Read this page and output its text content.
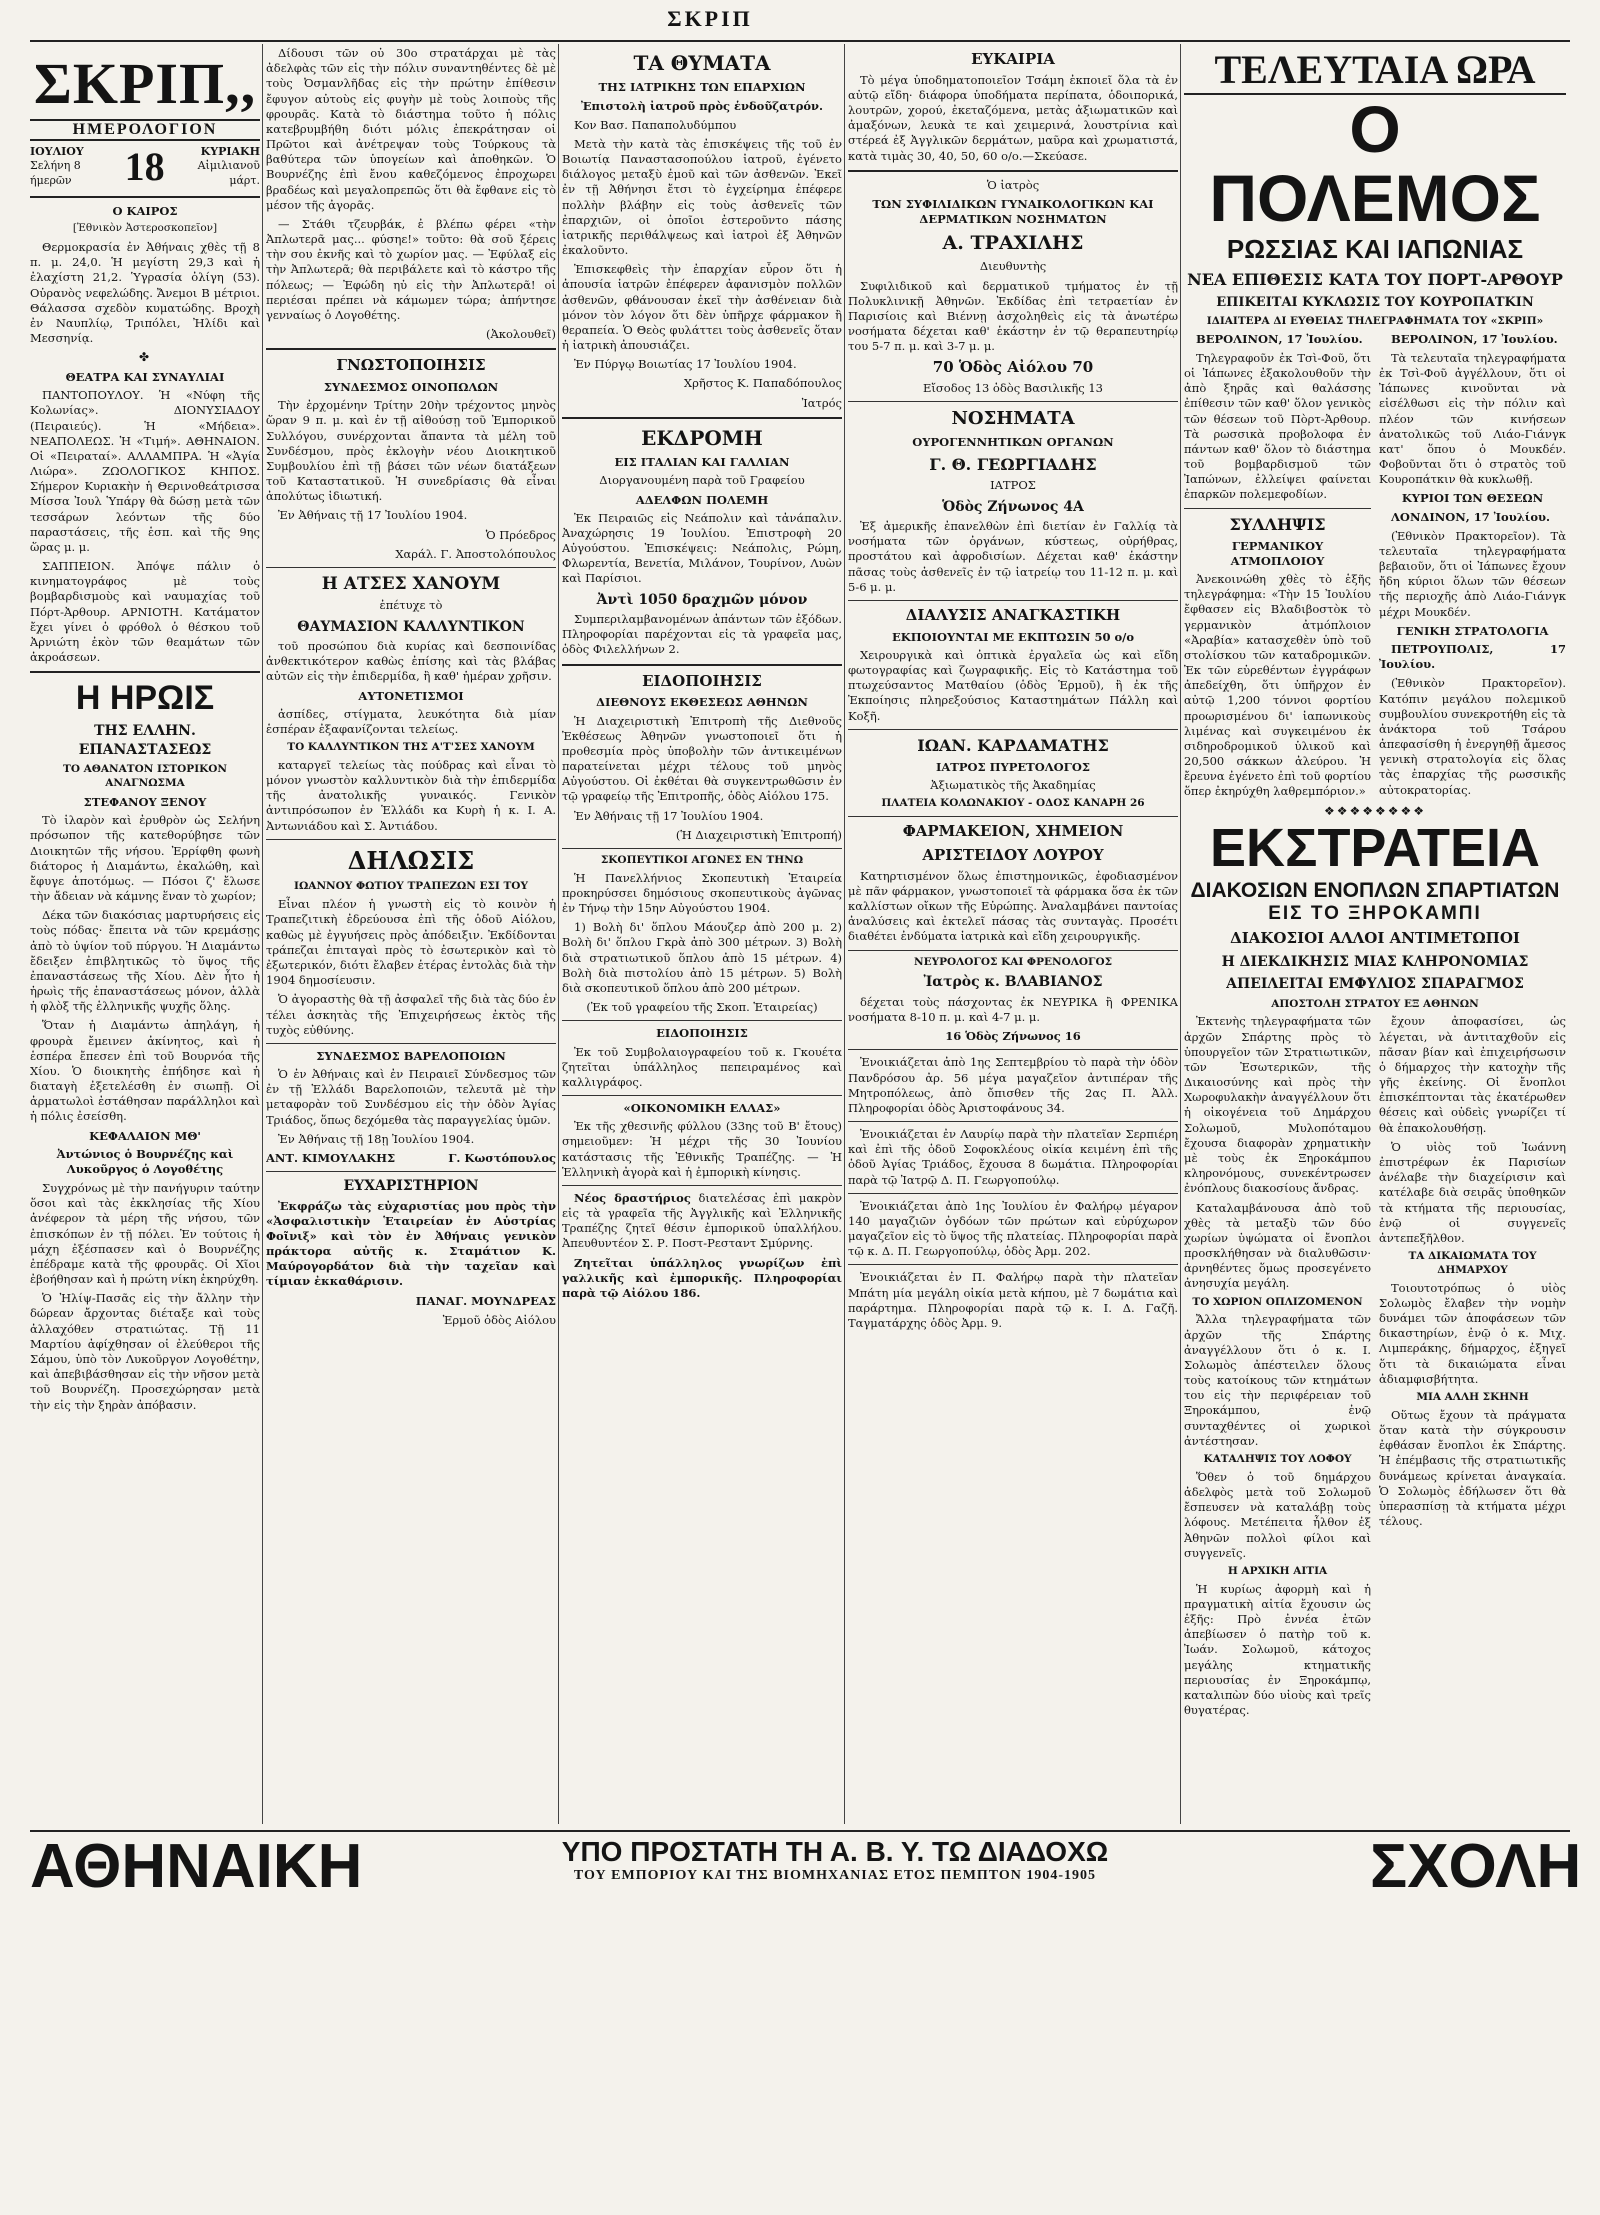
ΣΚΡΙΠ
ΣΚΡΙΠ,,
ΗΜΕΡΟΛΟΓΙΟΝ
ΙΟΥΛΙΟΥ
Σελήνη 8 ήμερῶν	18	ΚΥΡΙΑΚΗ
Αἰμιλιανοῦ μάρτ.
Ο ΚΑΙΡΟΣ

[Ἐθνικὸν Ἀστεροσκοπεῖον]

Θερμοκρασία ἐν Ἀθήναις χθὲς τῇ 8 π. μ. 24,0. Ἡ μεγίστη 29,3 καὶ ἡ ἐλαχίστη 21,2. Ὑγρασία ὀλίγη (53). Οὐρανὸς νεφελώδης. Ἄνεμοι Β μέτριοι. Θάλασσα σχεδὸν κυματώδης. Βροχὴ ἐν Ναυπλίῳ, Τριπόλει, Ἠλίδι καὶ Μεσσηνίᾳ.

✤
ΘΕΑΤΡΑ ΚΑΙ ΣΥΝΑΥΛΙΑΙ

ΠΑΝΤΟΠΟΥΛΟΥ. Ἡ «Νύφη τῆς Κολωνίας». ΔΙΟΝΥΣΙΑΔΟΥ (Πειραιεύς). Ἡ «Μήδεια». ΝΕΑΠΟΛΕΩΣ. Ἡ «Τιμή». ΑΘΗΝΑΙΟΝ. Οἱ «Πειραταί». ΑΛΛΑΜΠΡΑ. Ἡ «Ἁγία Λιώρα». ΖΩΟΛΟΓΙΚΟΣ ΚΗΠΟΣ. Σήμερον Κυριακὴν ἡ Θερινοθεάτρισσα Μίσσα Ἰουλ Ὑπάργ θὰ δώσῃ μετὰ τῶν τεσσάρων λεόντων τῆς δύο παραστάσεις, τῆς ἑσπ. καὶ τῆς 9ης ὥρας μ. μ.

ΣΑΠΠΕΙΟΝ. Ἀπόψε πάλιν ὁ κινηματογράφος μὲ τοὺς βομβαρδισμοὺς καὶ ναυμαχίας τοῦ Πόρτ-Ἀρθουρ. ΑΡΝΙΟΤΗ. Κατάματον ἔχει γίνει ὁ φρόθολ ὁ θέσκου τοῦ Ἀρνιώτη ἐκὸν τῶν θεαμάτων τῶν ἀκροάσεων.

Η ΗΡΩΙΣ
ΤΗΣ ΕΛΛΗΝ. ΕΠΑΝΑΣΤΑΣΕΩΣ
ΤΟ ΑΘΑΝΑΤΟΝ ΙΣΤΟΡΙΚΟΝ ΑΝΑΓΝΩΣΜΑ
ΣΤΕΦΑΝΟΥ ΞΕΝΟΥ

Τὸ ἱλαρὸν καὶ ἐρυθρὸν ὡς Σελήνη πρόσωπον τῆς κατεθορύβησε τῶν Διοικητῶν τῆς νήσου. Ἐρρίφθη φωνὴ διάτορος ἡ Διαμάντω, ἐκαλώθη, καὶ ἔφυγε ἀποτόμως. — Πόσοι ζ' ἔλωσε τὴν ἄδειαν νὰ κάμνης ἕναν τὸ χωρίον;

Δέκα τῶν διακόσιας μαρτυρήσεις εἰς τοὺς πόδας· ἔπειτα νὰ τῶν κρεμάσῃς ἀπὸ τὸ ὑψίον τοῦ πύργου. Ἡ Διαμάντω ἔδειξεν ἐπιβλητικῶς τὸ ὕψος τῆς ἐπαναστάσεως τῆς Χίου. Δὲν ἦτο ἡ ἡρωὶς τῆς ἐπαναστάσεως μόνον, ἀλλὰ ἡ φλὸξ τῆς ἑλληνικῆς ψυχῆς ὅλης.

Ὅταν ἡ Διαμάντω ἀπηλάγη, ἡ φρουρὰ ἔμεινεν ἀκίνητος, καὶ ἡ ἑσπέρα ἔπεσεν ἐπὶ τοῦ Βουρνόα τῆς Χίου. Ὁ διοικητὴς ἐπήδησε καὶ ἡ διαταγὴ ἐξετελέσθη ἐν σιωπῇ. Οἱ ἀρματωλοὶ ἐστάθησαν παράλληλοι καὶ ἡ πόλις ἐσείσθη.

ΚΕΦΑΛΑΙΟΝ ΜΘ'

Ἀντώνιος ὁ Βουρνέζης καὶ Λυκοῦργος ὁ Λογοθέτης

Συγχρόνως μὲ τὴν πανήγυριν ταύτην ὅσοι καὶ τὰς ἐκκλησίας τῆς Χίου ἀνέφερον τὰ μέρη τῆς νήσου, τῶν ἐπισκόπων ἐν τῇ πόλει. Ἐν τούτοις ἡ μάχη ἐξέσπασεν καὶ ὁ Βουρνέζης ἐπέδραμε κατὰ τῆς φρουρᾶς. Οἱ Χῖοι ἐβοήθησαν καὶ ἡ πρώτη νίκη ἐκηρύχθη.

Ὁ Ἠλίψ-Πασᾶς εἰς τὴν ἄλλην τὴν δώρεαν ἄρχοντας διέταξε καὶ τοὺς ἀλλαχόθεν στρατιώτας. Τῇ 11 Μαρτίου ἀφίχθησαν οἱ ἐλεύθεροι τῆς Σάμου, ὑπὸ τὸν Λυκοῦργον Λογοθέτην, καὶ ἀπεβιβάσθησαν εἰς τὴν νῆσον μετὰ τοῦ Βουρνέζη. Προσεχώρησαν μετὰ τὴν εἰς τὴν ξηρὰν ἀπόβασιν.

Δίδουσι τῶν οὐ 30ο στρατάρχαι μὲ τὰς ἀδελφὰς τῶν εἰς τὴν πόλιν συναντηθέντες δὲ μὲ τοὺς Ὀσμανλῆδας εἰς τὴν πρώτην ἐπίθεσιν ἔφυγον αὐτοὺς εἰς φυγὴν μὲ τοὺς λοιποὺς τῆς φρουρᾶς. Κατὰ τὸ διάστημα τοῦτο ἡ πόλις κατεβρυμβήθη διότι μόλις ἐπεκράτησαν οἱ Πρῶτοι καὶ ἀνέτρεψαν τοὺς Τούρκους τὰ βαθύτερα τῶν ὑπογείων καὶ ἀποθηκῶν. Ὁ Βουρνέζης ἐπὶ ἔνου καθεζόμενος ἐπροχωρει βραδέως καὶ μεγαλοπρεπῶς ὅτι θὰ ἔφθανε εἰς τὸ μέσον τῆς ἀγορᾶς.

— Στάθι τζευρβάκ, ἐ βλέπω φέρει «τὴν Ἀπλωτερᾶ μας... φύσηε!» τοῦτο: θὰ σοῦ ξέρεις τὴν σου ἐκνῆς καὶ τὸ χωρίον μας. — Ἐφύλαξ εἰς τὴν Ἀπλωτερᾶ; θὰ περιβάλετε καὶ τὸ κάστρο τῆς πόλεως; — Ἐφώδη ηὐ εἰς τὴν Ἀπλωτερᾶ! οἱ περιέσαι πρέπει νὰ κάμωμεν τώρα; ἀπήντησε γενναίως ὁ Λογοθέτης.

(Ἀκολουθεῖ)

ΓΝΩΣΤΟΠΟΙΗΣΙΣ
ΣΥΝΔΕΣΜΟΣ ΟΙΝΟΠΩΛΩΝ

Τὴν ἐρχομένην Τρίτην 20ὴν τρέχοντος μηνὸς ὥραν 9 π. μ. καὶ ἐν τῇ αἰθούσῃ τοῦ Ἐμπορικοῦ Συλλόγου, συνέρχονται ἅπαντα τὰ μέλη τοῦ Συνδέσμου, πρὸς ἐκλογὴν νέου Διοικητικοῦ Συμβουλίου ἐπὶ τῇ βάσει τῶν νέων διατάξεων τοῦ Καταστατικοῦ. Ἡ συνεδρίασις θὰ εἶναι ἀπολύτως ἰδιωτική.

Ἐν Ἀθήναις τῇ 17 Ἰουλίου 1904.

Ὁ Πρόεδρος

Χαράλ. Γ. Ἀποστολόπουλος

Η ΑΤΣΕΣ ΧΑΝΟΥΜ

ἐπέτυχε τὸ

ΘΑΥΜΑΣΙΟΝ ΚΑΛΛΥΝΤΙΚΟΝ

τοῦ προσώπου διὰ κυρίας καὶ δεσποινίδας ἀνθεκτικότερον καθὼς ἐπίσης καὶ τὰς βλάβας αὐτῶν εἰς τὴν ἐπιδερμίδα, ἢ καθ' ἡμέραν χρῆσιν.

ΑΥΤΟΝΕΤΙΣΜΟΙ

ἀσπίδες, στίγματα, λευκότητα διὰ μίαν ἑσπέραν ἐξαφανίζονται τελείως.

ΤΟ ΚΑΛΛΥΝΤΙΚΟΝ ΤΗΣ Α'Τ'ΣΕΣ ΧΑΝΟΥΜ

καταργεῖ τελείως τὰς πούδρας καὶ εἶναι τὸ μόνον γνωστὸν καλλυντικὸν διὰ τὴν ἐπιδερμίδα τῆς ἀνατολικῆς γυναικός. Γενικὸν ἀντιπρόσωπον ἐν Ἑλλάδι κα Κυρὴ ἡ κ. Ι. Α. Ἀντωνιάδου καὶ Σ. Ἀντιάδου.

ΔΗΛΩΣΙΣ
ΙΩΑΝΝΟΥ ΦΩΤΙΟΥ ΤΡΑΠΕΖΩΝ ΕΣΙ ΤΟΥ

Εἶναι πλέον ἡ γνωστὴ εἰς τὸ κοινὸν ἡ Τραπεζιτικὴ ἐδρεύουσα ἐπὶ τῆς ὁδοῦ Αἰόλου, καθὼς μὲ ἐγγυήσεις πρὸς ἀπόδειξιν. Ἐκδίδονται τράπεζαι ἐπιταγαὶ πρὸς τὸ ἐσωτερικὸν καὶ τὸ ἐξωτερικόν, διότι ἔλαβεν ἑτέρας ἐντολὰς διὰ τὴν 1904 δημοσίευσιν.

Ὁ ἀγοραστὴς θὰ τῇ ἀσφαλεῖ τῆς διὰ τὰς δύο ἐν τέλει ἀσκητὰς τῆς Ἐπιχειρήσεως ἐκτὸς τῆς τυχὸς εὐθύνης.

ΣΥΝΔΕΣΜΟΣ ΒΑΡΕΛΟΠΟΙΩΝ

Ὁ ἐν Ἀθήναις καὶ ἐν Πειραιεῖ Σύνδεσμος τῶν ἐν τῇ Ἑλλάδι Βαρελοποιῶν, τελευτᾶ μὲ τὴν μεταφορὰν τοῦ Συνδέσμου εἰς τὴν ὁδὸν Ἁγίας Τριάδος, ὅπως δεχόμεθα τὰς παραγγελίας ὑμῶν.

Ἐν Ἀθήναις τῇ 18ῃ Ἰουλίου 1904.

ΑΝΤ. ΚΙΜΟΥΛΑΚΗΣ	Γ. Κωστόπουλος
ΕΥΧΑΡΙΣΤΗΡΙΟΝ

Ἐκφράζω τὰς εὐχαριστίας μου πρὸς τὴν «Ἀσφαλιστικὴν Ἑταιρείαν ἐν Αὐστρίας Φοῖνιξ» καὶ τὸν ἐν Ἀθήναις γενικὸν πράκτορα αὐτῆς κ. Σταμάτιον Κ. Μαύρογορδάτον διὰ τὴν ταχεῖαν καὶ τίμιαν ἐκκαθάρισιν.

ΠΑΝΑΓ. ΜΟΥΝΔΡΕΑΣ

Ἑρμοῦ ὁδὸς Αἰόλου

ΤΑ ΘΥΜΑΤΑ
ΤΗΣ ΙΑΤΡΙΚΗΣ ΤΩΝ ΕΠΑΡΧΙΩΝ

Ἐπιστολὴ ἰατροῦ πρὸς ἑνδοῦζατρόν.

Κον Βασ. Παπαπολυδύμπου

Μετὰ τὴν κατὰ τὰς ἐπισκέψεις τῆς τοῦ ἐν Βοιωτίᾳ Παναστασοπούλου ἰατροῦ, ἐγένετο διάλογος μεταξὺ ἐμοῦ καὶ τῶν ἀσθενῶν. Ἐκεῖ ἐν τῇ Ἀθήνησι ἔτσι τὸ ἐγχείρημα ἐπέφερε πολλὴν βλάβην εἰς τοὺς ἀσθενεῖς τῶν ἐπαρχιῶν, οἱ ὁποῖοι ἐστεροῦντο πάσης ἰατρικῆς περιθάλψεως καὶ ἰατροὶ ἐξ Ἀθηνῶν ἐκαλοῦντο.

Ἐπισκεφθεὶς τὴν ἐπαρχίαν εὗρον ὅτι ἡ ἀπουσία ἰατρῶν ἐπέφερεν ἀφανισμὸν πολλῶν ἀσθενῶν, φθάνουσαν ἐκεῖ τὴν ἀσθένειαν διὰ μόνον τὸν λόγον ὅτι δὲν ὑπῆρχε φάρμακον ἢ θεραπεία. Ὁ Θεὸς φυλάττει τοὺς ἀσθενεῖς ὅταν ἡ ἰατρικὴ ἀπουσιάζει.

Ἐν Πύργῳ Βοιωτίας 17 Ἰουλίου 1904.

Χρῆστος Κ. Παπαδόπουλος

Ἰατρός

ΕΚΔΡΟΜΗ
ΕΙΣ ΙΤΑΛΙΑΝ ΚΑΙ ΓΑΛΛΙΑΝ

Διοργανουμένη παρὰ τοῦ Γραφείου

ΑΔΕΛΦΩΝ ΠΟΛΕΜΗ

Ἐκ Πειραιῶς εἰς Νεάπολιν καὶ τἀνάπαλιν. Ἀναχώρησις 19 Ἰουλίου. Ἐπιστροφὴ 20 Αὐγούστου. Ἐπισκέψεις: Νεάπολις, Ρώμη, Φλωρεντία, Βενετία, Μιλάνον, Τουρίνον, Λυὼν καὶ Παρίσιοι.

Ἀντὶ 1050 δραχμῶν μόνον

Συμπεριλαμβανομένων ἀπάντων τῶν ἐξόδων. Πληροφορίαι παρέχονται εἰς τὰ γραφεῖα μας, ὁδὸς Φιλελλήνων 2.

ΕΙΔΟΠΟΙΗΣΙΣ
ΔΙΕΘΝΟΥΣ ΕΚΘΕΣΕΩΣ ΑΘΗΝΩΝ

Ἡ Διαχειριστικὴ Ἐπιτροπὴ τῆς Διεθνοῦς Ἐκθέσεως Ἀθηνῶν γνωστοποιεῖ ὅτι ἡ προθεσμία πρὸς ὑποβολὴν τῶν ἀντικειμένων παρατείνεται μέχρι τέλους τοῦ μηνὸς Αὐγούστου. Οἱ ἐκθέται θὰ συγκεντρωθῶσιν ἐν τῷ γραφείῳ τῆς Ἐπιτροπῆς, ὁδὸς Αἰόλου 175.

Ἐν Ἀθήναις τῇ 17 Ἰουλίου 1904.

(Ἡ Διαχειριστικὴ Ἐπιτροπή)

ΣΚΟΠΕΥΤΙΚΟΙ ΑΓΩΝΕΣ ΕΝ ΤΗΝΩ

Ἡ Πανελλήνιος Σκοπευτικὴ Ἑταιρεία προκηρύσσει δημόσιους σκοπευτικοὺς ἀγῶνας ἐν Τήνῳ τὴν 15ην Αὐγούστου 1904.

1) Βολὴ δι' ὅπλου Μάουζερ ἀπὸ 200 μ. 2) Βολὴ δι' ὅπλου Γκρὰ ἀπὸ 300 μέτρων. 3) Βολὴ διὰ στρατιωτικοῦ ὅπλου ἀπὸ 15 μέτρων. 4) Βολὴ διὰ πιστολίου ἀπὸ 15 μέτρων. 5) Βολὴ διὰ σκοπευτικοῦ ὅπλου ἀπὸ 200 μέτρων.

(Ἐκ τοῦ γραφείου τῆς Σκοπ. Ἑταιρείας)

ΕΙΔΟΠΟΙΗΣΙΣ

Ἐκ τοῦ Συμβολαιογραφείου τοῦ κ. Γκουέτα ζητεῖται ὑπάλληλος πεπειραμένος καὶ καλλιγράφος.

«ΟΙΚΟΝΟΜΙΚΗ ΕΛΛΑΣ»

Ἐκ τῆς χθεσινῆς φύλλου (33ης τοῦ Β' ἔτους) σημειοῦμεν: Ἡ μέχρι τῆς 30 Ἰουνίου κατάστασις τῆς Ἐθνικῆς Τραπέζης. — Ἡ Ἑλληνικὴ ἀγορὰ καὶ ἡ ἐμπορικὴ κίνησις.

Νέος δραστήριος διατελέσας ἐπὶ μακρὸν εἰς τὰ γραφεῖα τῆς Ἀγγλικῆς καὶ Ἑλληνικῆς Τραπέζης ζητεῖ θέσιν ἐμπορικοῦ ὑπαλλήλου. Ἀπευθυντέον Σ. Ρ. Ποστ-Ρεσταντ Σμύρνης.

Ζητεῖται ὑπάλληλος γνωρίζων ἐπὶ γαλλικῆς καὶ ἐμπορικῆς. Πληροφορίαι παρὰ τῷ Αἰόλου 186.

ΕΥΚΑΙΡΙΑ

Τὸ μέγα ὑποδηματοποιεῖον Τσάμη ἐκποιεῖ ὅλα τὰ ἐν αὐτῷ εἴδη· διάφορα ὑποδήματα περίπατα, ὁδοιπορικά, λουτρῶν, χορού, ἐκεταζόμενα, μετὰς ἀξιωματικῶν καὶ ἀμαξόνων, λευκὰ τε καὶ χειμερινά, λουστρίνια καὶ στέρεά ἐξ Ἀγγλικῶν δερμάτων, μαῦρα καὶ χρωματιστά, κατὰ τιμὰς 30, 40, 50, 60 ο/ο.—Σκεύασε.

Ὁ ἰατρὸς

ΤΩΝ ΣΥΦΙΛΙΔΙΚΩΝ ΓΥΝΑΙΚΟΛΟΓΙΚΩΝ ΚΑΙ ΔΕΡΜΑΤΙΚΩΝ ΝΟΣΗΜΑΤΩΝ
Α. ΤΡΑΧΙΛΗΣ

Διευθυντὴς

Συφιλιδικοῦ καὶ δερματικοῦ τμήματος ἐν τῇ Πολυκλινικῇ Ἀθηνῶν. Ἐκδίδας ἐπὶ τετραετίαν ἐν Παρισίοις καὶ Βιέννῃ ἀσχοληθεὶς εἰς τὰ ἀνωτέρω νοσήματα δέχεται καθ' ἑκάστην ἐν τῷ θεραπευτηρίῳ του 5-7 π. μ. καὶ 3-7 μ. μ.

70 Ὁδὸς Αἰόλου 70

Εἴσοδος 13 ὁδὸς Βασιλικῆς 13

ΝΟΣΗΜΑΤΑ
ΟΥΡΟΓΕΝΝΗΤΙΚΩΝ ΟΡΓΑΝΩΝ
Γ. Θ. ΓΕΩΡΓΙΑΔΗΣ

ΙΑΤΡΟΣ

Ὁδὸς Ζήνωνος 4Α

Ἐξ ἀμερικῆς ἐπανελθὼν ἐπὶ διετίαν ἐν Γαλλίᾳ τὰ νοσήματα τῶν ὀργάνων, κύστεως, οὐρήθρας, προστάτου καὶ ἀφροδισίων. Δέχεται καθ' ἑκάστην πᾶσας τοὺς ἀσθενεῖς ἐν τῷ ἰατρείῳ του 11-12 π. μ. καὶ 5-6 μ. μ.

ΔΙΑΛΥΣΙΣ ΑΝΑΓΚΑΣΤΙΚΗ
ΕΚΠΟΙΟΥΝΤΑΙ ΜΕ ΕΚΠΤΩΣΙΝ 50 ο/ο

Χειρουργικὰ καὶ ὀπτικὰ ἐργαλεῖα ὡς καὶ εἴδη φωτογραφίας καὶ ζωγραφικῆς. Εἰς τὸ Κατάστημα τοῦ πτωχεύσαντος Ματθαίου (ὁδὸς Ἑρμοῦ), ἢ ἐκ τῆς Ἐκποίησις πληρεξούσιος Καταστημάτων Πάλλη καὶ Κοξῆ.

ΙΩΑΝ. ΚΑΡΔΑΜΑΤΗΣ
ΙΑΤΡΟΣ ΠΥΡΕΤΟΛΟΓΟΣ

Ἀξιωματικὸς τῆς Ἀκαδημίας

ΠΛΑΤΕΙΑ ΚΟΛΩΝΑΚΙΟΥ - ΟΔΟΣ ΚΑΝΑΡΗ 26
ΦΑΡΜΑΚΕΙΟΝ, ΧΗΜΕΙΟΝ
ΑΡΙΣΤΕΙΔΟΥ ΛΟΥΡΟΥ

Κατηρτισμένον ὅλως ἐπιστημονικῶς, ἐφοδιασμένον μὲ πᾶν φάρμακον, γνωστοποιεῖ τὰ φάρμακα ὅσα ἐκ τῶν καλλίστων οἴκων τῆς Εὐρώπης. Ἀναλαμβάνει παντοίας ἀναλύσεις καὶ ἐκτελεῖ πάσας τὰς συνταγὰς. Προσέτι διαθέτει ἐνδύματα ἰατρικὰ καὶ εἴδη χειρουργικῆς.

ΝΕΥΡΟΛΟΓΟΣ ΚΑΙ ΦΡΕΝΟΛΟΓΟΣ
Ἰατρὸς κ. ΒΛΑΒΙΑΝΟΣ

δέχεται τοὺς πάσχοντας ἐκ ΝΕΥΡΙΚΑ ἢ ΦΡΕΝΙΚΑ νοσήματα 8-10 π. μ. καὶ 4-7 μ. μ.

16 Ὁδὸς Ζήνωνος 16

Ἐνοικιάζεται ἀπὸ 1ης Σεπτεμβρίου τὸ παρὰ τὴν ὁδὸν Πανδρόσου ἀρ. 56 μέγα μαγαζεῖον ἀντιπέραν τῆς Μητροπόλεως, ἀπὸ ὄπισθεν τῆς 2ας Π. Ἀλλ. Πληροφορίαι ὁδὸς Ἀριστοφάνους 34.

Ἐνοικιάζεται ἐν Λαυρίῳ παρὰ τὴν πλατεῖαν Σερπιέρη καὶ ἐπὶ τῆς ὁδοῦ Σοφοκλέους οἰκία κειμένη ἐπὶ τῆς ὁδοῦ Ἀγίας Τριάδος, ἔχουσα 8 δωμάτια. Πληροφορίαι παρὰ τῷ Ἰατρῷ Δ. Π. Γεωργοπούλῳ.

Ἐνοικιάζεται ἀπὸ 1ης Ἰουλίου ἐν Φαλήρῳ μέγαρον 140 μαγαζιῶν ὀγδόων τῶν πρώτων καὶ εὐρύχωρον μαγαζεῖον εἰς τὸ ὕψος τῆς πλατείας. Πληροφορίαι παρὰ τῷ κ. Δ. Π. Γεωργοπούλῳ, ὁδὸς Ἀρμ. 202.

Ἐνοικιάζεται ἐν Π. Φαλήρῳ παρὰ τὴν πλατεῖαν Μπάτη μία μεγάλη οἰκία μετὰ κήπου, μὲ 7 δωμάτια καὶ παράρτημα. Πληροφορίαι παρὰ τῷ κ. Ι. Δ. Γαζῆ. Ταγματάρχης ὁδὸς Ἀρμ. 9.

ΤΕΛΕΥΤΑΙΑ ΩΡΑ
Ο ΠΟΛΕΜΟΣ
ΡΩΣΣΙΑΣ ΚΑΙ ΙΑΠΩΝΙΑΣ
ΝΕΑ ΕΠΙΘΕΣΙΣ ΚΑΤΑ ΤΟΥ ΠΟΡΤ-ΑΡΘΟΥΡ
ΕΠΙΚΕΙΤΑΙ ΚΥΚΛΩΣΙΣ ΤΟΥ ΚΟΥΡΟΠΑΤΚΙΝ
ΙΔΙΑΙΤΕΡΑ ΔΙ ΕΥΘΕΙΑΣ ΤΗΛΕΓΡΑΦΗΜΑΤΑ ΤΟΥ «ΣΚΡΙΠ»

ΒΕΡΟΛΙΝΟΝ, 17 Ἰουλίου.

Τηλεγραφοῦν ἐκ Τσὶ-Φοῦ, ὅτι οἱ Ἰάπωνες ἐξακολουθοῦν τὴν ἀπὸ ξηρᾶς καὶ θαλάσσης ἐπίθεσιν τῶν καθ' ὅλον γενικὸς τῶν θέσεων τοῦ Πὸρτ-Ἀρθουρ. Τὰ ρωσσικὰ προβολοφα ἐν πάντων καθ' ὅλον τὸ διάστημα τοῦ βομβαρδισμοῦ τῶν Ἰαπώνων, ἐλλείψει φαίνεται ἐπαρκῶν πολεμεφοδίων.

ΣΥΛΛΗΨΙΣ
ΓΕΡΜΑΝΙΚΟΥ ΑΤΜΟΠΛΟΙΟΥ

Ἀνεκοινώθη χθὲς τὸ ἑξῆς τηλεγράφημα: «Τὴν 15 Ἰουλίου ἔφθασεν εἰς Βλαδιβοστὸκ τὸ γερμανικὸν ἀτμόπλοιον «Ἀραβία» κατασχεθὲν ὑπὸ τοῦ στολίσκου τῶν καταδρομικῶν. Ἐκ τῶν εὑρεθέντων ἐγγράφων ἀπεδείχθη, ὅτι ὑπῆρχον ἐν αὐτῷ 1,200 τόννοι φορτίου προωρισμένου δι' ἰαπωνικοὺς λιμένας καὶ συγκειμένου ἐκ σιδηροδρομικοῦ ὑλικοῦ καὶ 20,500 σάκκων ἀλεύρου. Ἡ ἔρευνα ἐγένετο ἐπὶ τοῦ φορτίου ὅπερ ἐκηρύχθη λαθρεμπόριον.»

ΒΕΡΟΛΙΝΟΝ, 17 Ἰουλίου.

Τὰ τελευταῖα τηλεγραφήματα ἐκ Τσὶ-Φοῦ ἀγγέλλουν, ὅτι οἱ Ἰάπωνες κινοῦνται νὰ εἰσέλθωσι εἰς τὴν πόλιν καὶ πλέον τῶν κινήσεων ἀνατολικῶς τοῦ Λιάο-Γιάνγκ κατ' ὅπου ὁ Μουκδέν. Φοβοῦνται ὅτι ὁ στρατὸς τοῦ Κουροπάτκιν θὰ κυκλωθῇ.

ΚΥΡΙΟΙ ΤΩΝ ΘΕΣΕΩΝ

ΛΟΝΔΙΝΟΝ, 17 Ἰουλίου.

(Ἐθνικὸν Πρακτορεῖον). Τὰ τελευταῖα τηλεγραφήματα βεβαιοῦν, ὅτι οἱ Ἰάπωνες ἔχουν ἤδη κύριοι ὅλων τῶν θέσεων τῆς περιοχῆς ἀπὸ Λιάο-Γιάνγκ μέχρι Μουκδέν.

ΓΕΝΙΚΗ ΣΤΡΑΤΟΛΟΓΙΑ

ΠΕΤΡΟΥΠΟΛΙΣ, 17 Ἰουλίου.

(Ἐθνικὸν Πρακτορεῖον). Κατόπιν μεγάλου πολεμικοῦ συμβουλίου συνεκροτήθη εἰς τὰ ἀνάκτορα τοῦ Τσάρου ἀπεφασίσθη ἡ ἐνεργηθῇ ἄμεσος γενικὴ στρατολογία εἰς ὅλας τὰς ἐπαρχίας τῆς ρωσσικῆς αὐτοκρατορίας.

❖❖❖❖❖❖❖❖
ΕΚΣΤΡΑΤΕΙΑ
ΔΙΑΚΟΣΙΩΝ ΕΝΟΠΛΩΝ ΣΠΑΡΤΙΑΤΩΝ
ΕΙΣ ΤΟ ΞΗΡΟΚΑΜΠΙ
ΔΙΑΚΟΣΙΟΙ ΑΛΛΟΙ ΑΝΤΙΜΕΤΩΠΟΙ
Η ΔΙΕΚΔΙΚΗΣΙΣ ΜΙΑΣ ΚΛΗΡΟΝΟΜΙΑΣ
ΑΠΕΙΛΕΙΤΑΙ ΕΜΦΥΛΙΟΣ ΣΠΑΡΑΓΜΟΣ
ΑΠΟΣΤΟΛΗ ΣΤΡΑΤΟΥ ΕΞ ΑΘΗΝΩΝ

Ἐκτενὴς τηλεγραφήματα τῶν ἀρχῶν Σπάρτης πρὸς τὸ ὑπουργεῖον τῶν Στρατιωτικῶν, τῶν Ἐσωτερικῶν, τῆς Δικαιοσύνης καὶ πρὸς τὴν Χωροφυλακὴν ἀναγγέλλουν ὅτι ἡ οἰκογένεια τοῦ Δημάρχου Σολωμοῦ, Μυλοπόταμου ἔχουσα διαφορὰν χρηματικὴν μὲ τοὺς ἐκ Ξηροκάμπου κληρονόμους, συνεκέντρωσεν ἐνόπλους διακοσίους ἄνδρας.

Καταλαμβάνουσα ἀπὸ τοῦ χθὲς τὰ μεταξὺ τῶν δύο χωρίων ὑψώματα οἱ ἔνοπλοι προσκλήθησαν νὰ διαλυθῶσιν· ἀρνηθέντες ὅμως προσεγένετο ἀνησυχία μεγάλη.

ΤΟ ΧΩΡΙΟΝ ΟΠΛΙΖΟΜΕΝΟΝ

Ἄλλα τηλεγραφήματα τῶν ἀρχῶν τῆς Σπάρτης ἀναγγέλλουν ὅτι ὁ κ. Ι. Σολωμὸς ἀπέστειλεν ὅλους τοὺς κατοίκους τῶν κτημάτων του εἰς τὴν περιφέρειαν τοῦ Ξηροκάμπου, ἐνῷ συνταχθέντες οἱ χωρικοὶ ἀντέστησαν.

ΚΑΤΑΛΗΨΙΣ ΤΟΥ ΛΟΦΟΥ

Ὅθεν ὁ τοῦ δημάρχου ἀδελφὸς μετὰ τοῦ Σολωμοῦ ἔσπευσεν νὰ καταλάβῃ τοὺς λόφους. Μετέπειτα ἦλθον ἐξ Ἀθηνῶν πολλοὶ φίλοι καὶ συγγενεῖς.

Η ΑΡΧΙΚΗ ΑΙΤΙΑ

Ἡ κυρίως ἀφορμὴ καὶ ἡ πραγματικὴ αἰτία ἔχουσιν ὡς ἑξῆς: Πρὸ ἐννέα ἐτῶν ἀπεβίωσεν ὁ πατὴρ τοῦ κ. Ἰωάν. Σολωμοῦ, κάτοχος μεγάλης κτηματικῆς περιουσίας ἐν Ξηροκάμπῳ, καταλιπὼν δύο υἱοὺς καὶ τρεῖς θυγατέρας.

ἔχουν ἀποφασίσει, ὡς λέγεται, νὰ ἀντιταχθοῦν εἰς πᾶσαν βίαν καὶ ἐπιχειρήσωσιν ὁ δήμαρχος τὴν κατοχὴν τῆς γῆς ἐκείνης. Οἱ ἔνοπλοι ἐπισκέπτονται τὰς ἑκατέρωθεν θέσεις καὶ οὐδεὶς γνωρίζει τί θὰ ἐπακολουθήσῃ.

Ὁ υἱὸς τοῦ Ἰωάννη ἐπιστρέφων ἐκ Παρισίων ἀνέλαβε τὴν διαχείρισιν καὶ κατέλαβε διὰ σειρᾶς ὑποθηκῶν τὰ κτήματα τῆς περιουσίας, ἐνῷ οἱ συγγενεῖς ἀντεπεξῆλθον.

ΤΑ ΔΙΚΑΙΩΜΑΤΑ ΤΟΥ ΔΗΜΑΡΧΟΥ

Τοιουτοτρόπως ὁ υἱὸς Σολωμὸς ἔλαβεν τὴν νομὴν δυνάμει τῶν ἀποφάσεων τῶν δικαστηρίων, ἐνῷ ὁ κ. Μιχ. Λιμπεράκης, δήμαρχος, ἐξηγεῖ ὅτι τὰ δικαιώματα εἶναι ἀδιαμφισβήτητα.

ΜΙΑ ΑΛΛΗ ΣΚΗΝΗ

Οὕτως ἔχουν τὰ πράγματα ὅταν κατὰ τὴν σύγκρουσιν ἐφθάσαν ἔνοπλοι ἐκ Σπάρτης. Ἡ ἐπέμβασις τῆς στρατιωτικῆς δυνάμεως κρίνεται ἀναγκαία. Ὁ Σολωμὸς ἐδήλωσεν ὅτι θὰ ὑπερασπίσῃ τὰ κτήματα μέχρι τέλους.

ΑΘΗΝΑΙΚΗ	ΥΠΟ ΠΡΟΣΤΑΤΗ ΤΗ Α. Β. Υ. ΤΩ ΔΙΑΔΟΧΩ
ΤΟΥ ΕΜΠΟΡΙΟΥ ΚΑΙ ΤΗΣ ΒΙΟΜΗΧΑΝΙΑΣ ΕΤΟΣ ΠΕΜΠΤΟΝ 1904-1905	ΣΧΟΛΗ
